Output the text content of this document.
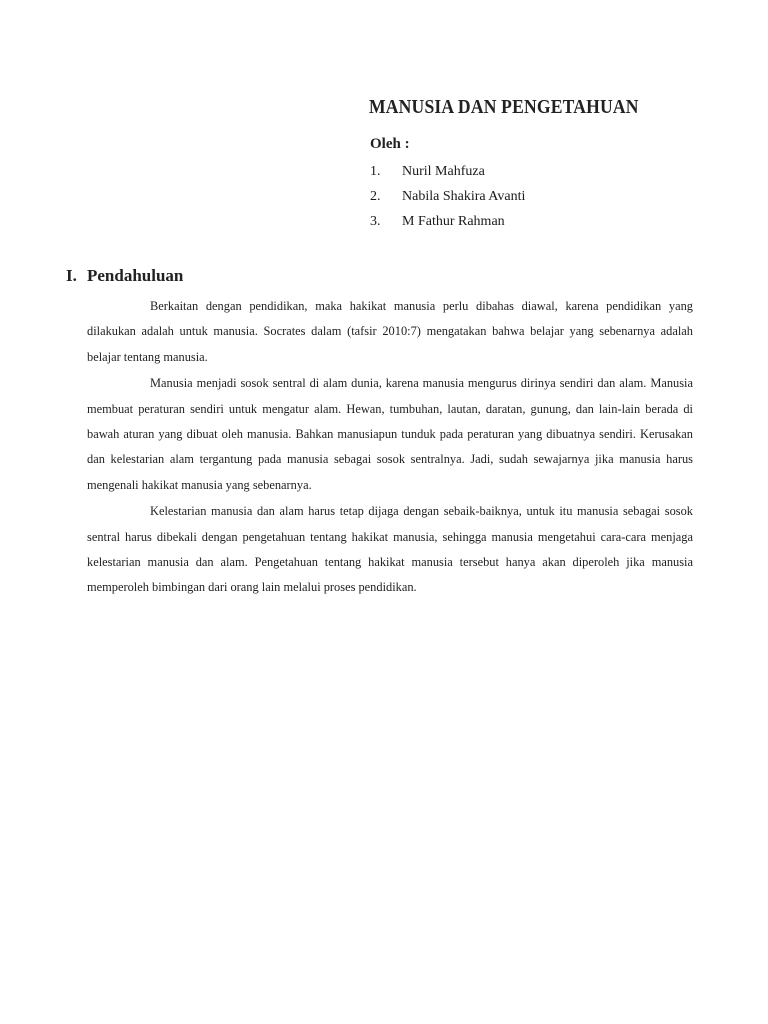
MANUSIA DAN PENGETAHUAN
Oleh :
1.	Nuril Mahfuza
2.	Nabila Shakira Avanti
3.	M Fathur Rahman
I. Pendahuluan

Berkaitan dengan pendidikan, maka hakikat manusia perlu dibahas diawal, karena pendidikan yang dilakukan adalah untuk manusia. Socrates dalam (tafsir 2010:7) mengatakan bahwa belajar yang sebenarnya adalah belajar tentang manusia.

Manusia menjadi sosok sentral di alam dunia, karena manusia mengurus dirinya sendiri dan alam. Manusia membuat peraturan sendiri untuk mengatur alam. Hewan, tumbuhan, lautan, daratan, gunung, dan lain-lain berada di bawah aturan yang dibuat oleh manusia. Bahkan manusiapun tunduk pada peraturan yang dibuatnya sendiri. Kerusakan dan kelestarian alam tergantung pada manusia sebagai sosok sentralnya. Jadi, sudah sewajarnya jika manusia harus mengenali hakikat manusia yang sebenarnya.

Kelestarian manusia dan alam harus tetap dijaga dengan sebaik-baiknya, untuk itu manusia sebagai sosok sentral harus dibekali dengan pengetahuan tentang hakikat manusia, sehingga manusia mengetahui cara-cara menjaga kelestarian manusia dan alam. Pengetahuan tentang hakikat manusia tersebut hanya akan diperoleh jika manusia memperoleh bimbingan dari orang lain melalui proses pendidikan.
